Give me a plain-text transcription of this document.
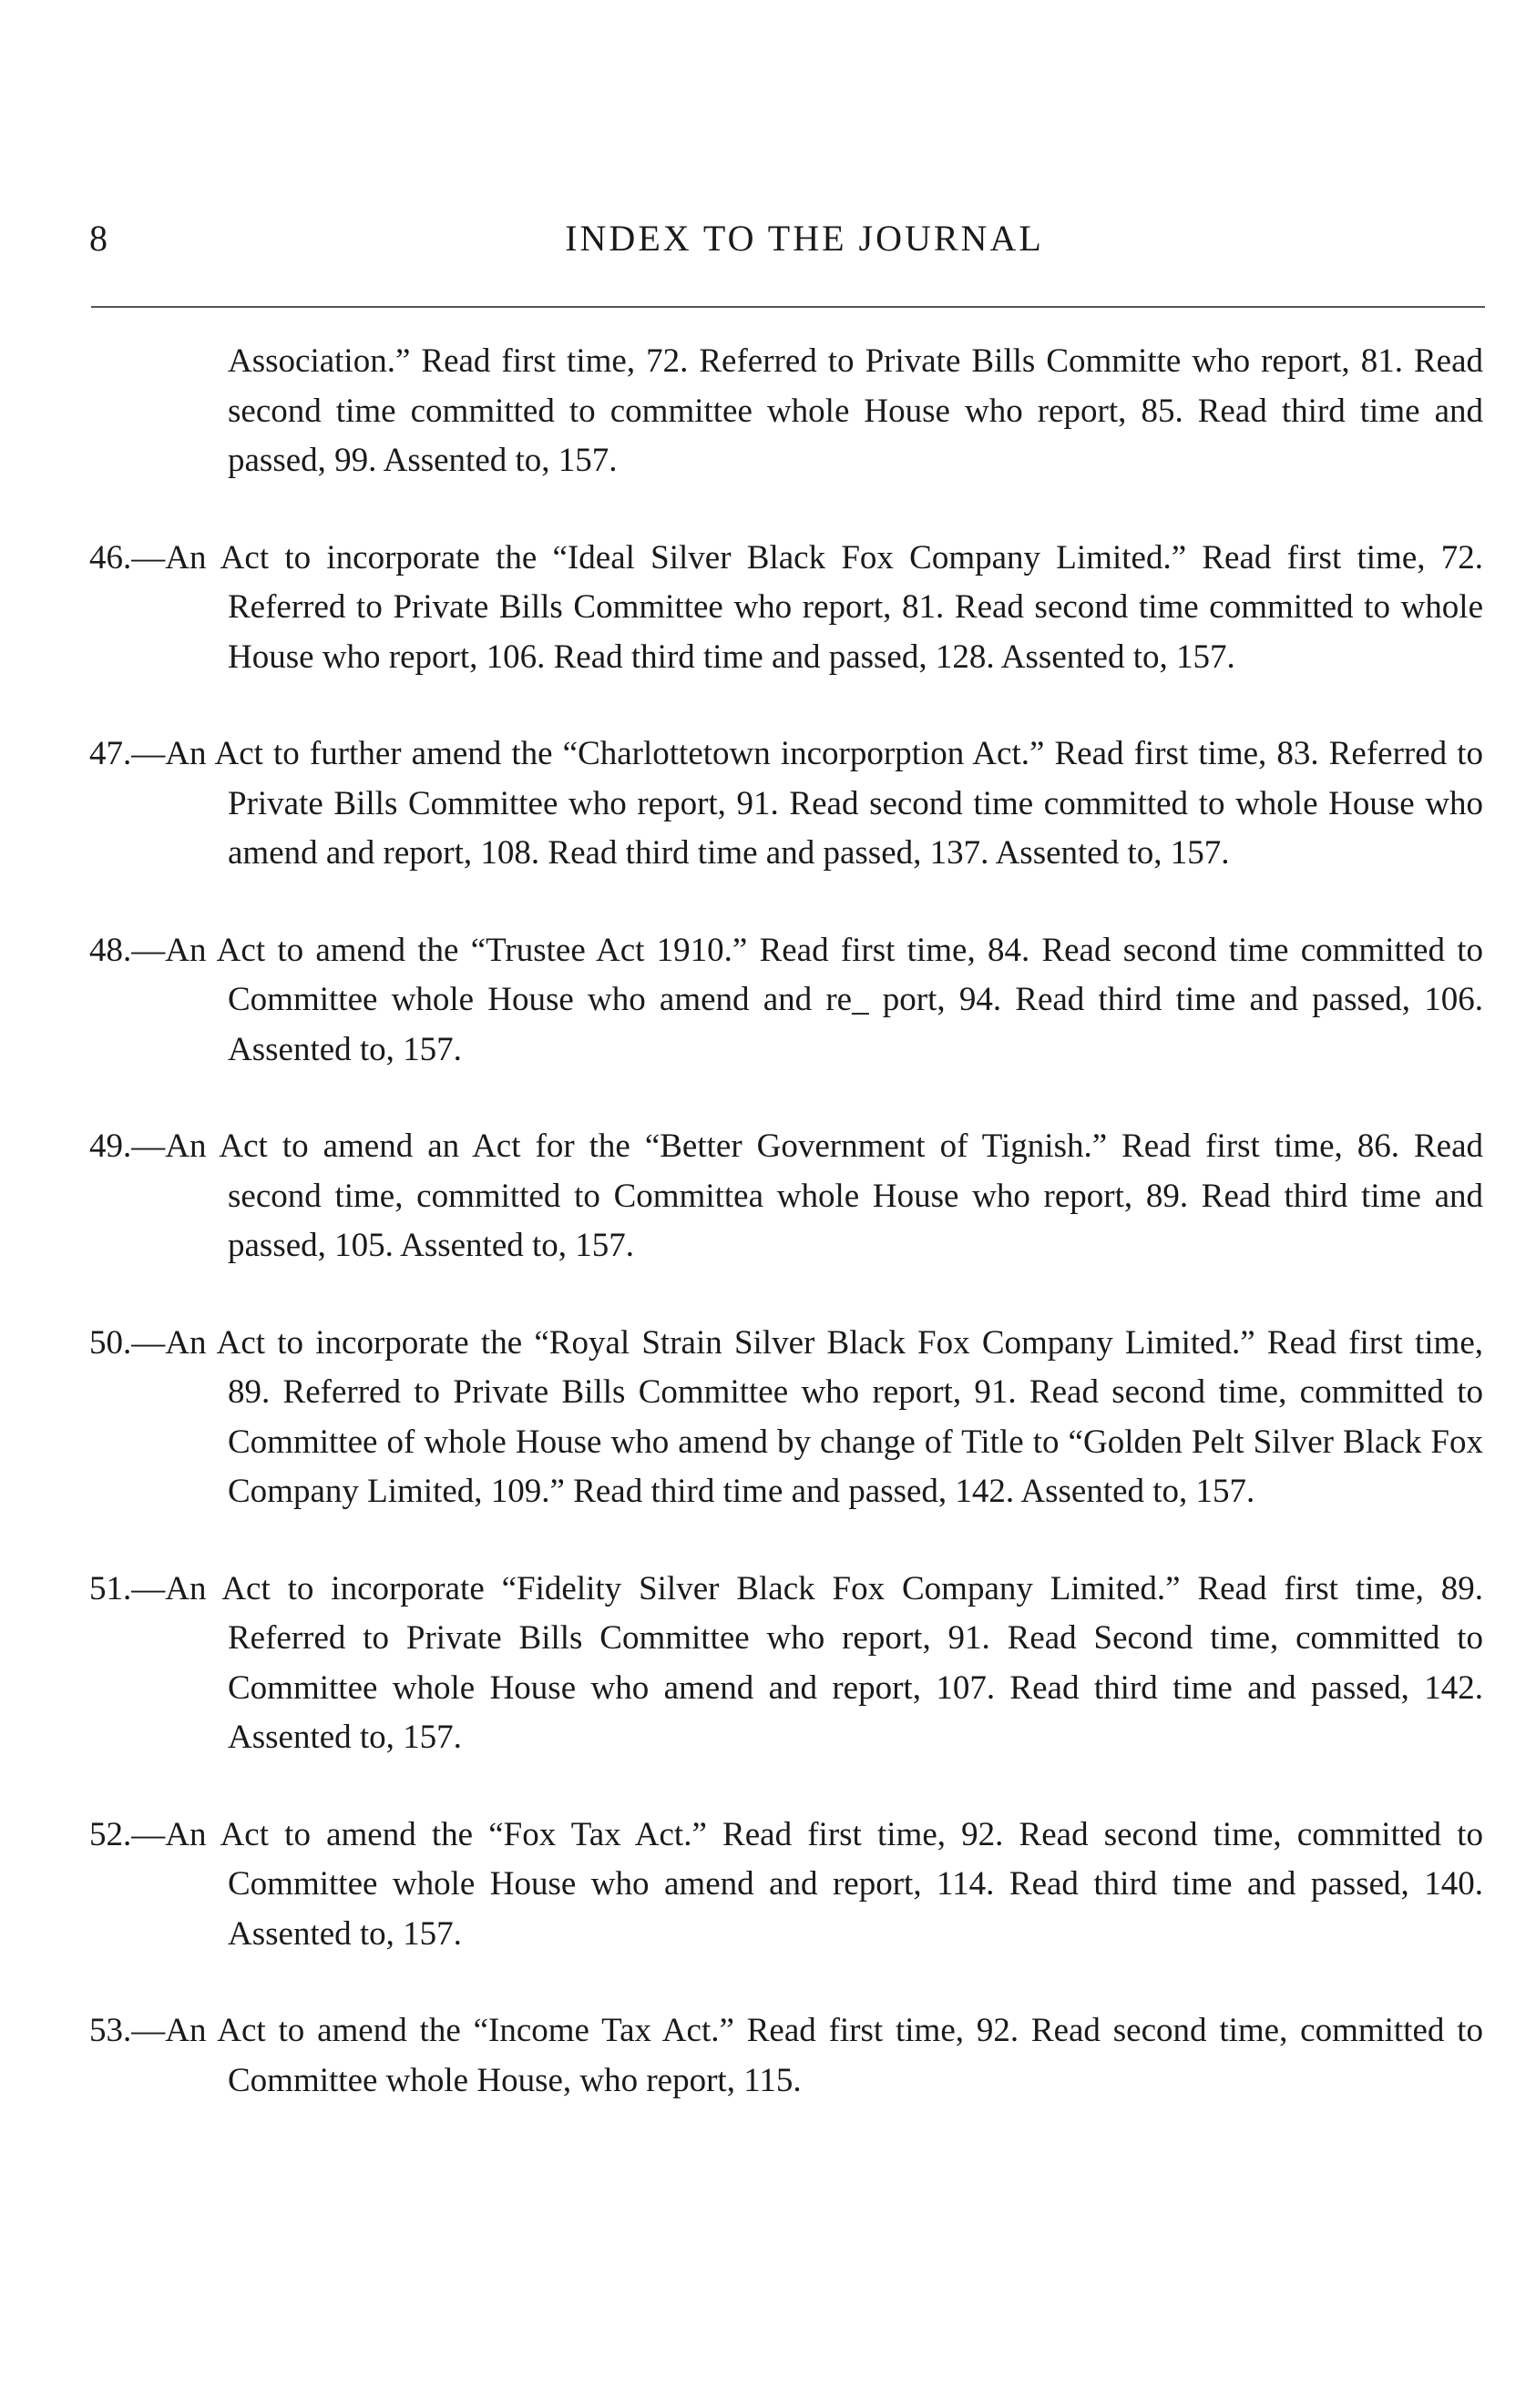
8	INDEX TO THE JOURNAL

Association.” Read first time, 72. Referred to Private Bills Committe who report, 81. Read second time committed to committee whole House who report, 85. Read third time and passed, 99. Assented to, 157.

46.—An Act to incorporate the “Ideal Silver Black Fox Company Limited.” Read first time, 72. Referred to Private Bills Committee who report, 81. Read second time committed to whole House who report, 106. Read third time and passed, 128. Assented to, 157.

47.—An Act to further amend the “Charlottetown incorporption Act.” Read first time, 83. Referred to Private Bills Committee who report, 91. Read second time committed to whole House who amend and report, 108. Read third time and passed, 137. Assented to, 157.

48.—An Act to amend the “Trustee Act 1910.” Read first time, 84. Read second time committed to Committee whole House who amend and re_ port, 94. Read third time and passed, 106. Assented to, 157.

49.—An Act to amend an Act for the “Better Government of Tignish.” Read first time, 86. Read second time, committed to Committea whole House who report, 89. Read third time and passed, 105. Assented to, 157.

50.—An Act to incorporate the “Royal Strain Silver Black Fox Company Limited.” Read first time, 89. Referred to Private Bills Committee who report, 91. Read second time, committed to Committee of whole House who amend by change of Title to “Golden Pelt Silver Black Fox Company Limited, 109.” Read third time and passed, 142. Assented to, 157.

51.—An Act to incorporate “Fidelity Silver Black Fox Company Limited.” Read first time, 89. Referred to Private Bills Committee who report, 91. Read Second time, committed to Committee whole House who amend and report, 107. Read third time and passed, 142. Assented to, 157.

52.—An Act to amend the “Fox Tax Act.” Read first time, 92. Read second time, committed to Committee whole House who amend and report, 114. Read third time and passed, 140. Assented to, 157.

53.—An Act to amend the “Income Tax Act.” Read first time, 92. Read second time, committed to Committee whole House, who report, 115.
